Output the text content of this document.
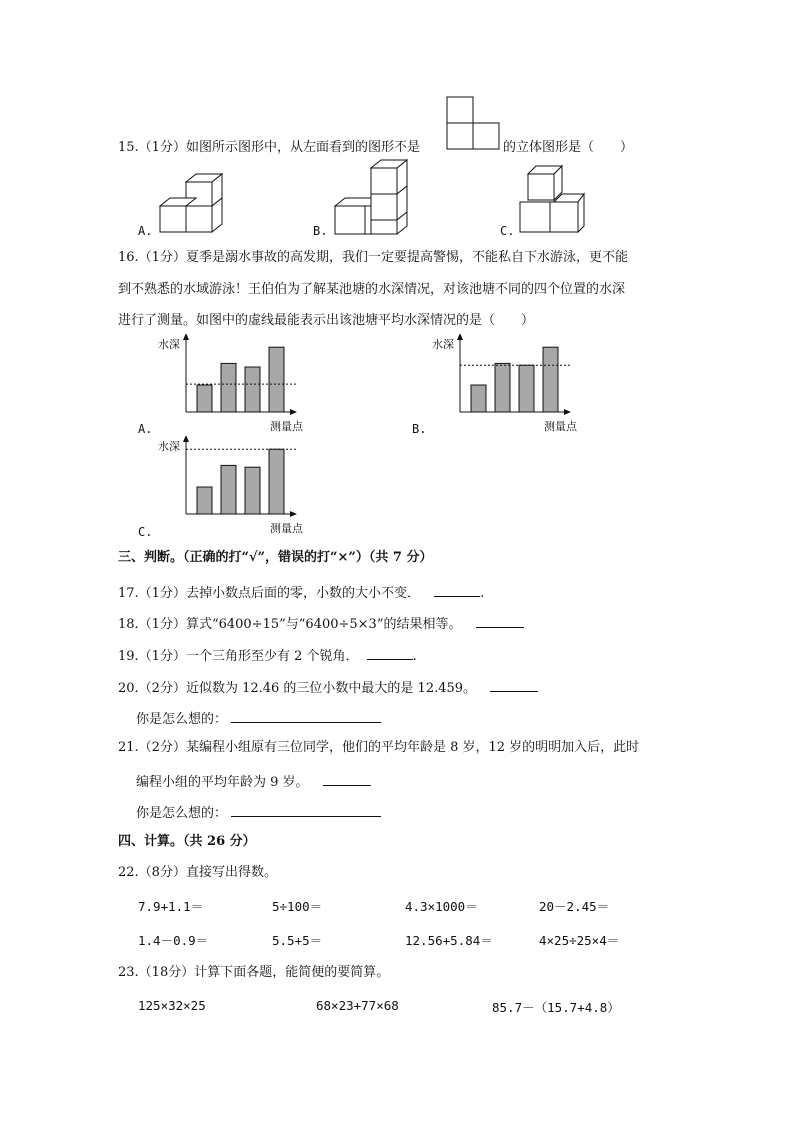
15.（1分）如图所示图形中，从左面看到的图形不是	的立体图形是（　　）
A.	B.	C.
16.（1分）夏季是溺水事故的高发期，我们一定要提高警惕，不能私自下水游泳，更不能
到不熟悉的水域游泳！王伯伯为了解某池塘的水深情况，对该池塘不同的四个位置的水深
进行了测量。如图中的虚线最能表示出该池塘平均水深情况的是（　　）
A.
水深
测量点	B.
水深
测量点
C.
水深
测量点
三、判断。（正确的打“√”，错误的打“×”）（共 7 分）
17.（1分）去掉小数点后面的零，小数的大小不变．	.
18.（1分）算式“6400÷15”与“6400÷5×3”的结果相等。
19.（1分）一个三角形至少有 2 个锐角．	.
20.（2分）近似数为 12.46 的三位小数中最大的是 12.459。
你是怎么想的：
21.（2分）某编程小组原有三位同学，他们的平均年龄是 8 岁，12 岁的明明加入后，此时
编程小组的平均年龄为 9 岁。
你是怎么想的：
四、计算。（共 26 分）
22.（8分）直接写出得数。
7.9+1.1＝	5÷100＝	4.3×1000＝	20－2.45＝
1.4－0.9＝	5.5+5＝	12.56+5.84＝	4×25÷25×4＝
23.（18分）计算下面各题，能简便的要简算。
125×32×25	68×23+77×68	85.7－（15.7+4.8）
